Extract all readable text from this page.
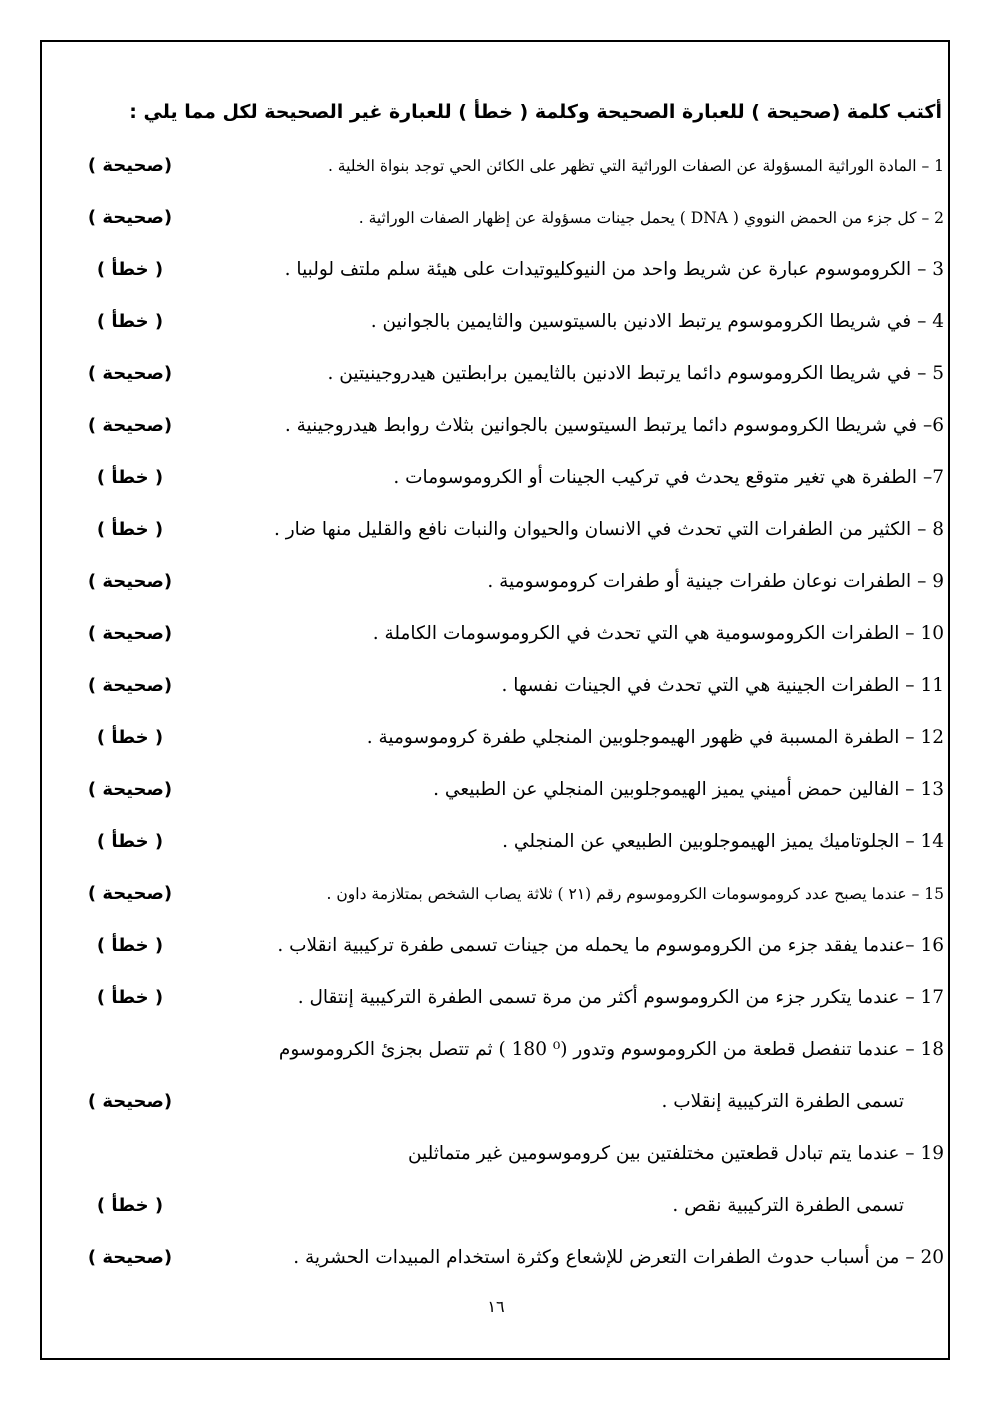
أكتب كلمة (صحيحة ) للعبارة الصحيحة وكلمة ( خطأ ) للعبارة غير الصحيحة لكل مما يلي :
1 – المادة الوراثية المسؤولة عن الصفات الوراثية التي تظهر على الكائن الحي توجد بنواة الخلية .
(صحيحة )
2 – كل جزء من الحمض النووي ( DNA ) يحمل جينات مسؤولة عن إظهار الصفات الوراثية .
(صحيحة )
3 – الكروموسوم عبارة عن شريط واحد من النيوكليوتيدات على هيئة سلم ملتف لولبيا .
( خطأ )
4 – في شريطا الكروموسوم يرتبط الادنين بالسيتوسين والثايمين بالجوانين .
( خطأ )
5 – في شريطا الكروموسوم دائما يرتبط الادنين بالثايمين برابطتين هيدروجينيتين .
(صحيحة )
6– في شريطا الكروموسوم دائما يرتبط السيتوسين بالجوانين بثلاث روابط هيدروجينية .
(صحيحة )
7– الطفرة هي تغير متوقع يحدث في تركيب الجينات أو الكروموسومات .
( خطأ )
8 – الكثير من الطفرات التي تحدث في الانسان والحيوان والنبات نافع والقليل منها ضار .
( خطأ )
9 – الطفرات نوعان طفرات جينية أو طفرات كروموسومية .
(صحيحة )
10 – الطفرات الكروموسومية هي التي تحدث في الكروموسومات الكاملة .
(صحيحة )
11 – الطفرات الجينية هي التي تحدث في الجينات نفسها .
(صحيحة )
12 – الطفرة المسببة في ظهور الهيموجلوبين المنجلي طفرة كروموسومية .
( خطأ )
13 – الفالين حمض أميني يميز الهيموجلوبين المنجلي عن الطبيعي .
(صحيحة )
14 – الجلوتاميك يميز الهيموجلوبين الطبيعي عن المنجلي .
( خطأ )
15 – عندما يصبح عدد كروموسومات الكروموسوم رقم (٢١ ) ثلاثة يصاب الشخص بمتلازمة داون .
(صحيحة )
16 –عندما يفقد جزء من الكروموسوم ما يحمله من جينات تسمى طفرة تركيبية انقلاب .
( خطأ )
17 – عندما يتكرر جزء من الكروموسوم أكثر من مرة تسمى الطفرة التركيبية إنتقال .
( خطأ )
18 – عندما تنفصل قطعة من الكروموسوم وتدور (⁰ 180 ) ثم تتصل بجزئ الكروموسوم
تسمى الطفرة التركيبية إنقلاب .
(صحيحة )
19 – عندما يتم تبادل قطعتين مختلفتين بين كروموسومين غير متماثلين
تسمى الطفرة التركيبية نقص .
( خطأ )
20 – من أسباب حدوث الطفرات التعرض للإشعاع وكثرة استخدام المبيدات الحشرية .
(صحيحة )
١٦
